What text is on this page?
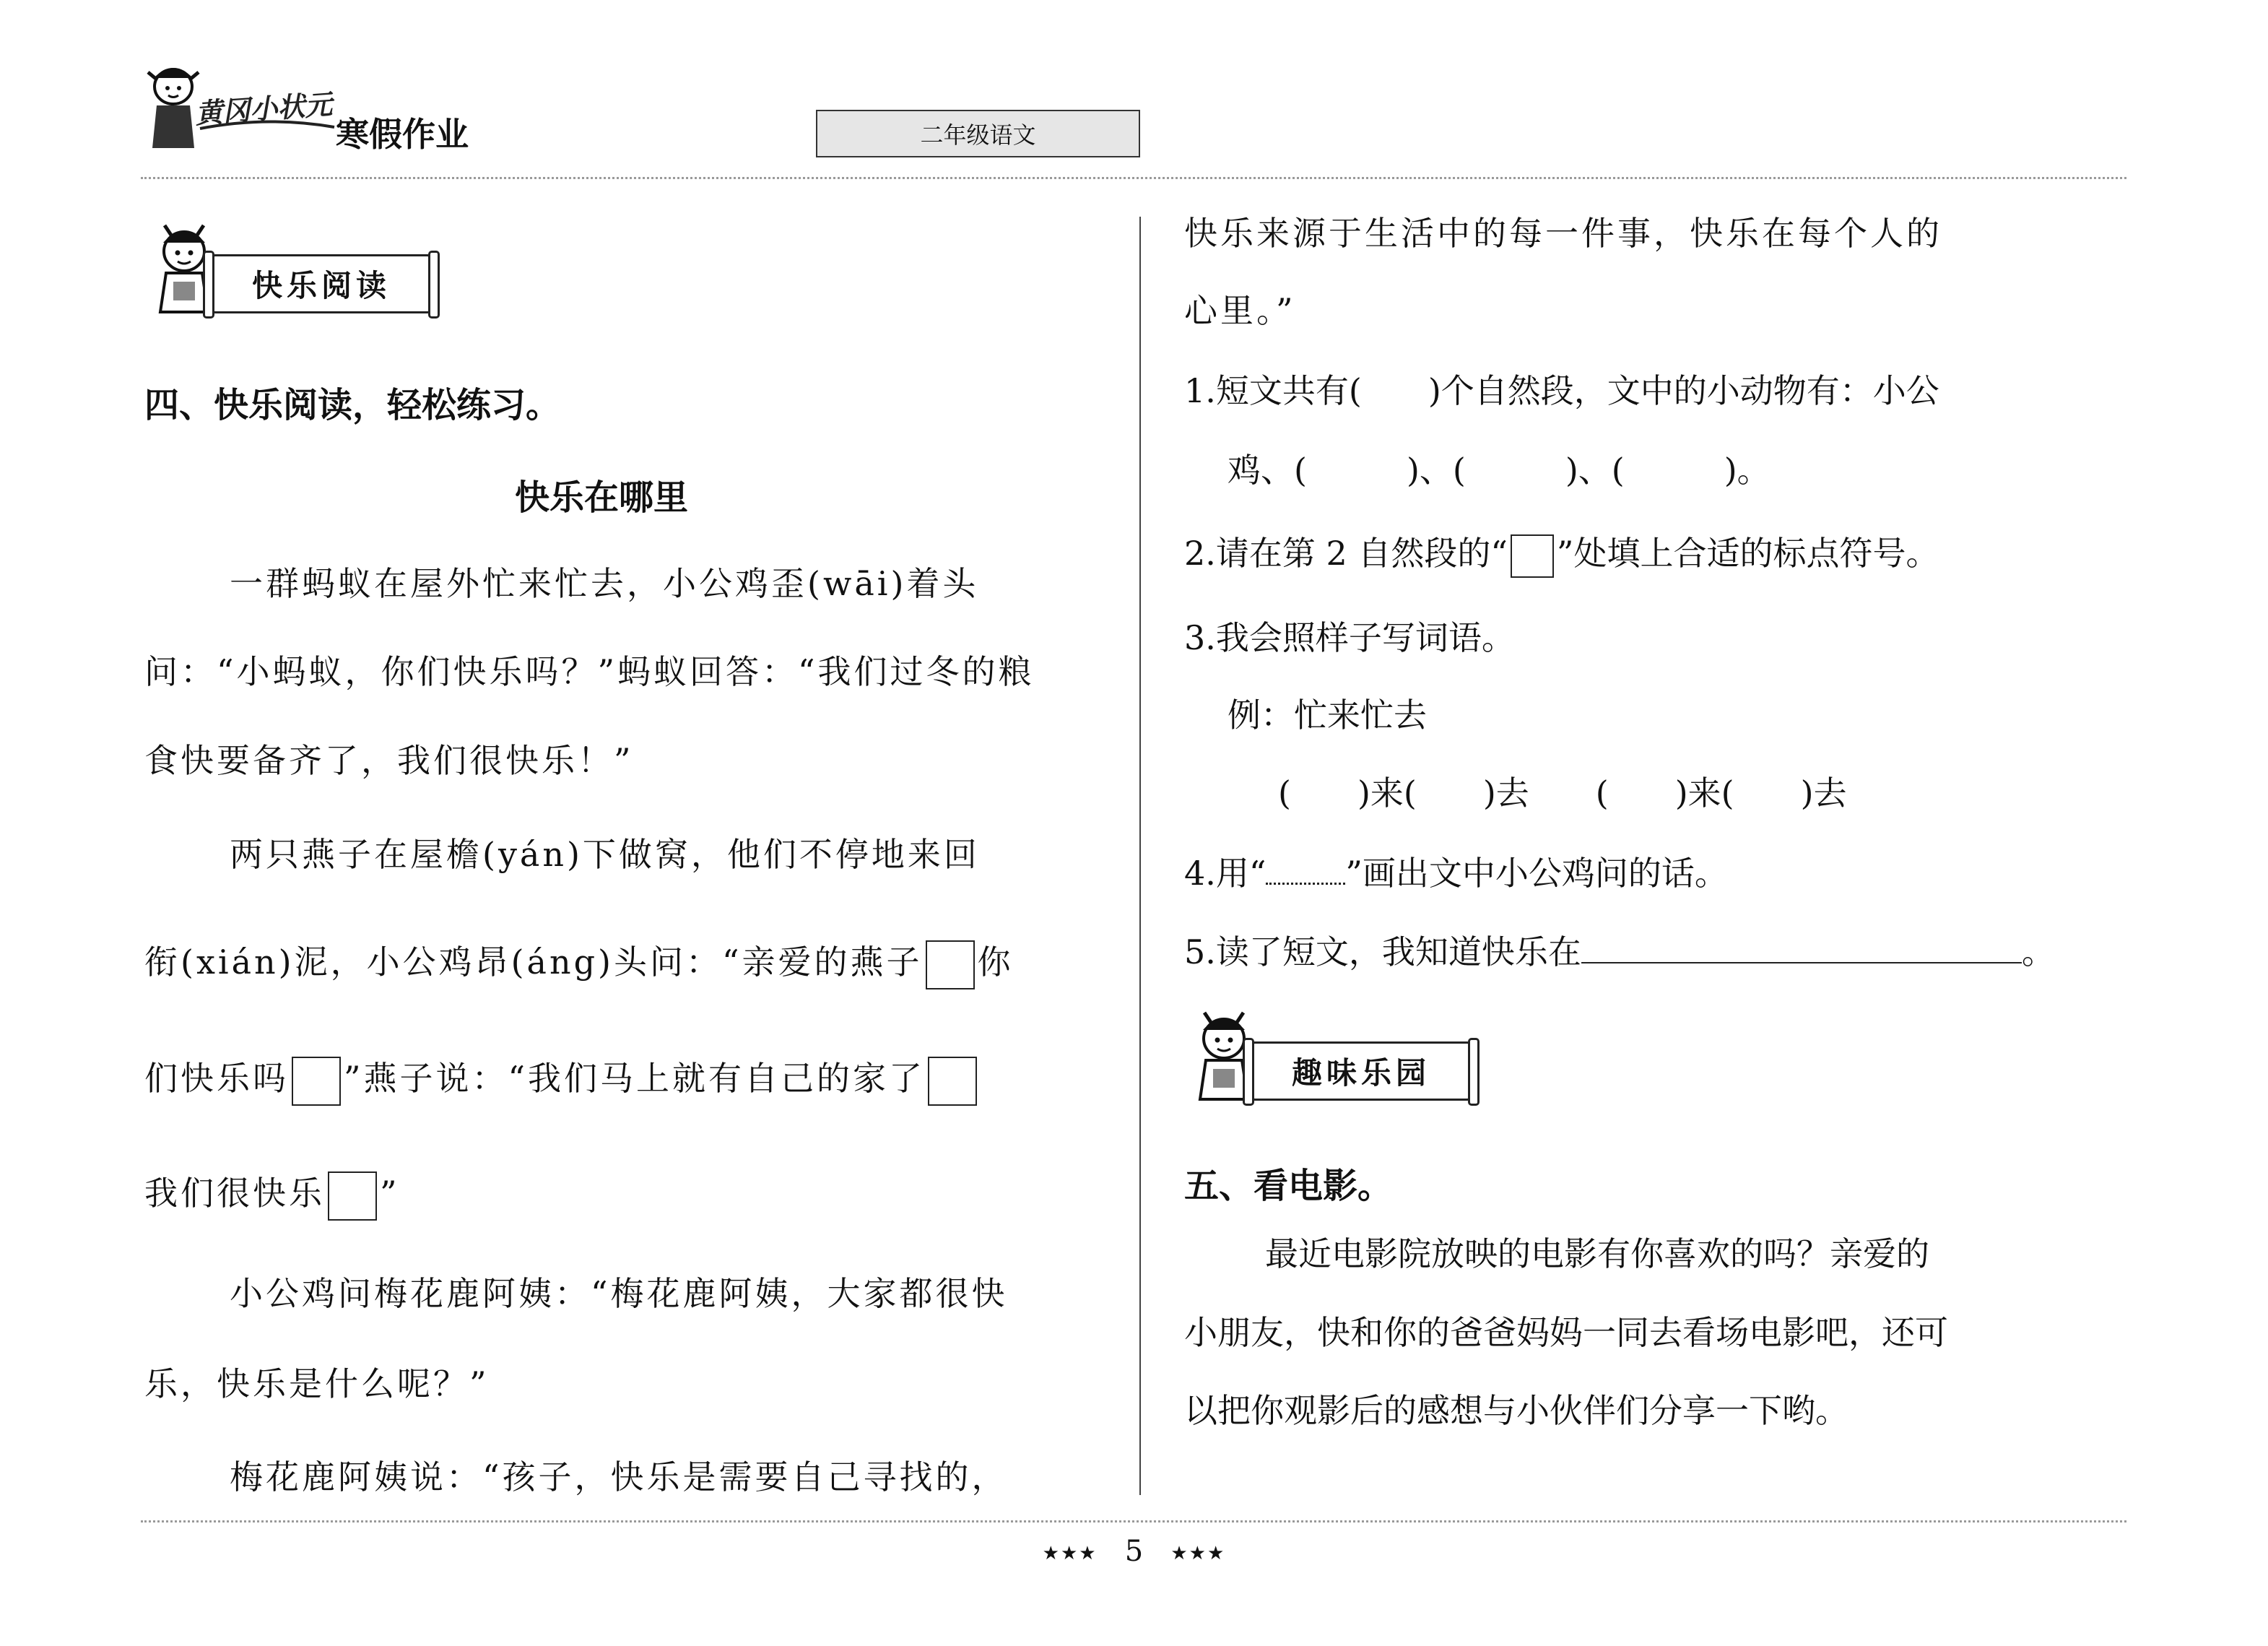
黄冈小状元
寒假作业	二年级语文
快乐阅读
四、快乐阅读，轻松练习。
快乐在哪里
一群蚂蚁在屋外忙来忙去，小公鸡歪(wāi)着头
问：“小蚂蚁，你们快乐吗？”蚂蚁回答：“我们过冬的粮
食快要备齐了，我们很快乐！”
两只燕子在屋檐(yán)下做窝，他们不停地来回
衔(xián)泥，小公鸡昂(áng)头问：“亲爱的燕子 你
们快乐吗 ”燕子说：“我们马上就有自己的家了
我们很快乐 ”
小公鸡问梅花鹿阿姨：“梅花鹿阿姨，大家都很快
乐，快乐是什么呢？”
梅花鹿阿姨说：“孩子，快乐是需要自己寻找的，
快乐来源于生活中的每一件事，快乐在每个人的
心里。”
1.短文共有(　　)个自然段，文中的小动物有：小公
鸡、(　　　)、(　　　)、(　　　)。
2.请在第 2 自然段的“ ”处填上合适的标点符号。
3.我会照样子写词语。
例：忙来忙去
(　　)来(　　)去　　(　　)来(　　)去
4.用“ ”画出文中小公鸡问的话。
5.读了短文，我知道快乐在	。
趣味乐园
五、看电影。
最近电影院放映的电影有你喜欢的吗？亲爱的
小朋友，快和你的爸爸妈妈一同去看场电影吧，还可
以把你观影后的感想与小伙伴们分享一下哟。
★★★ 5 ★★★
